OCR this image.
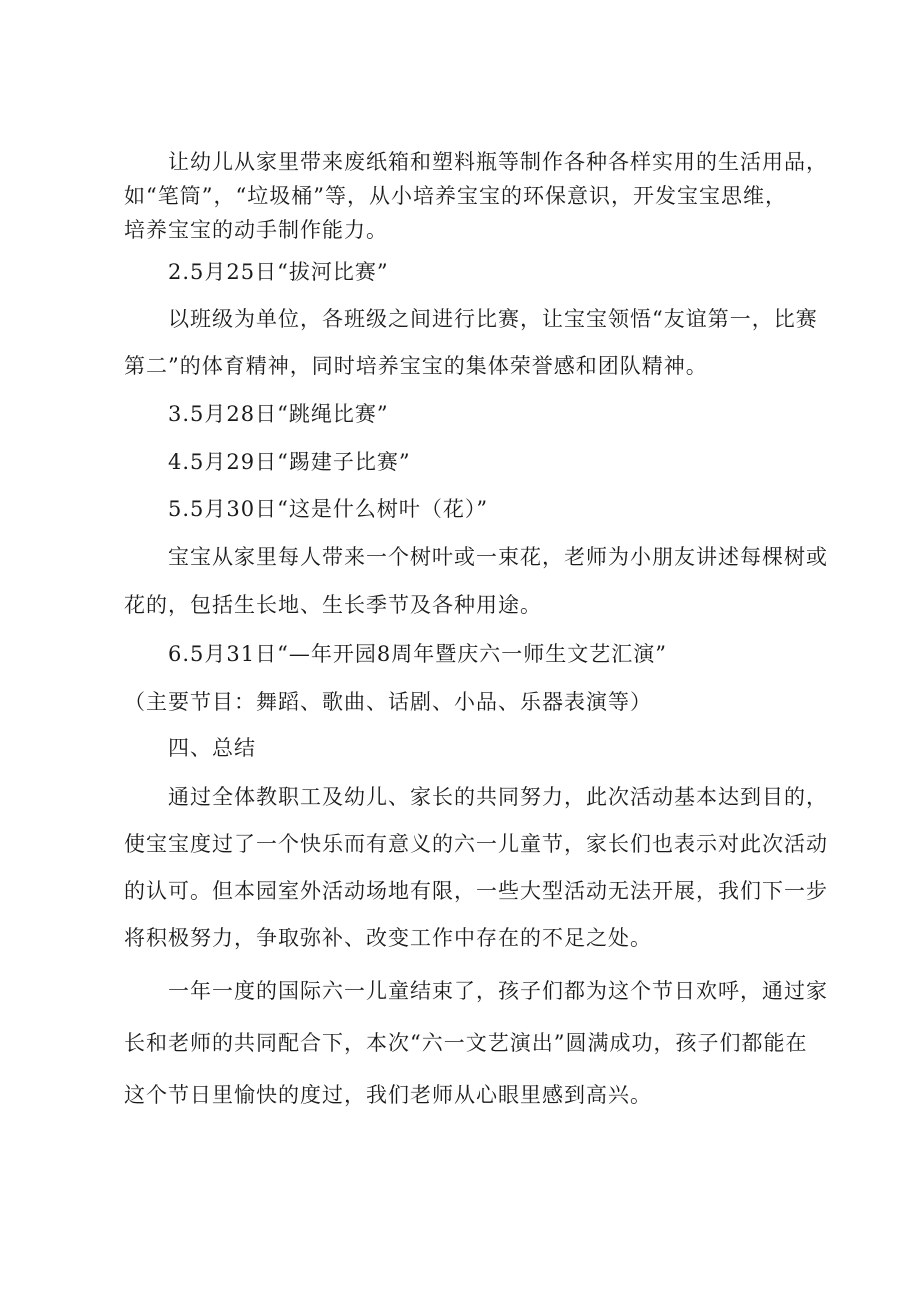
让幼儿从家里带来废纸箱和塑料瓶等制作各种各样实用的生活用品，

如“笔筒”，“垃圾桶”等，从小培养宝宝的环保意识，开发宝宝思维，

培养宝宝的动手制作能力。

2.5月25日“拔河比赛”

以班级为单位，各班级之间进行比赛，让宝宝领悟“友谊第一，比赛

第二”的体育精神，同时培养宝宝的集体荣誉感和团队精神。

3.5月28日“跳绳比赛”

4.5月29日“踢建子比赛”

5.5月30日“这是什么树叶（花）”

宝宝从家里每人带来一个树叶或一束花，老师为小朋友讲述每棵树或

花的，包括生长地、生长季节及各种用途。

6.5月31日“—年开园8周年暨庆六一师生文艺汇演”

（主要节目：舞蹈、歌曲、话剧、小品、乐器表演等）

四、总结

通过全体教职工及幼儿、家长的共同努力，此次活动基本达到目的，

使宝宝度过了一个快乐而有意义的六一儿童节，家长们也表示对此次活动

的认可。但本园室外活动场地有限，一些大型活动无法开展，我们下一步

将积极努力，争取弥补、改变工作中存在的不足之处。

一年一度的国际六一儿童结束了，孩子们都为这个节日欢呼，通过家

长和老师的共同配合下，本次“六一文艺演出”圆满成功，孩子们都能在

这个节日里愉快的度过，我们老师从心眼里感到高兴。
